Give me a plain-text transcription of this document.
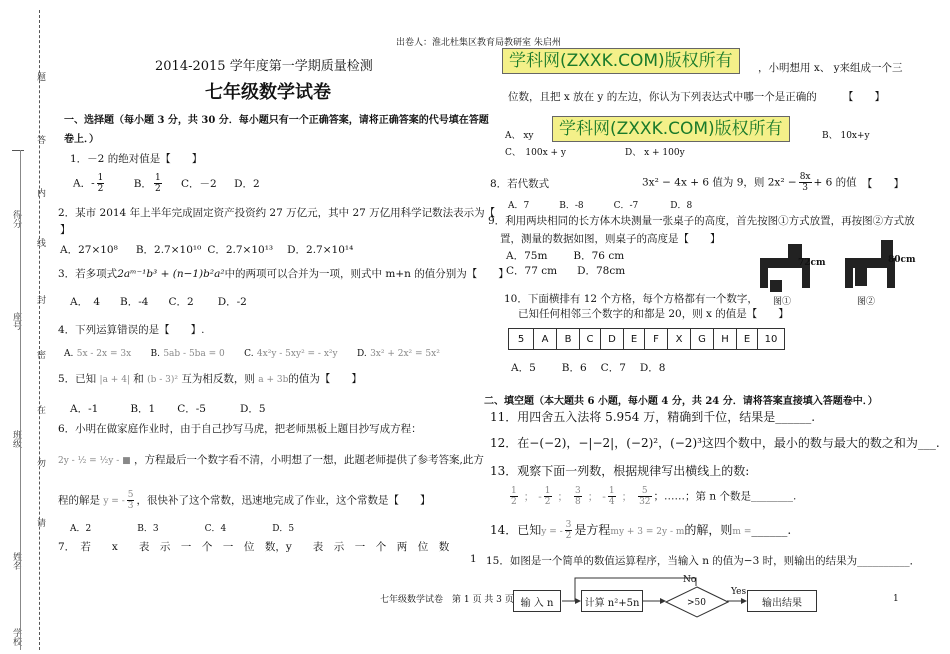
题
答
内
线
封
密
在
勿
请
得分
座号
班级
姓名
学校
出卷人：淮北杜集区教育局教研室 朱启州
2014-2015 学年度第一学期质量检测
七年级数学试卷
学科网(ZXXK.COM)版权所有
学科网(ZXXK.COM)版权所有
一、选择题（每小题 3 分，共 30 分．每小题只有一个正确答案，请将正确答案的代号填在答题
卷上．）
1．－2 的绝对值是【　　】
A．- $\frac{1}{2}$	B． $\frac{1}{2}$ C．－2 D．2
2．某市 2014 年上半年完成固定资产投资约 27 万亿元，其中 27 万亿用科学记数法表示为【
】
A．27×10⁸ B．2.7×10¹⁰ C．2.7×10¹³ D．2.7×10¹⁴
3．若多项式2aᵐ⁻¹b³ + (n−1)b²a²中的两项可以合并为一项，则式中 m+n 的值分别为【　　】
A．　4 B．-4 C．2 D．-2
4．下列运算错误的是【　　】.
A. 5x - 2x = 3x B. 5ab - 5ba = 0 C. 4x²y - 5xy² = - x²y D. 3x² + 2x² = 5x²
5．已知 |a + 4| 和 (b - 3)² 互为相反数，则 a + 3b的值为【　　】
A．-1	B．1 C．-5	D．5
6．小明在做家庭作业时，由于自己抄写马虎，把老师黑板上题目抄写成方程：
2y - ½ = ½y - ■ ，方程最后一个数字看不清，小明想了一想，此题老师提供了参考答案,此方
程的解是 y = - $\frac{5}{3}$ ，很快补了这个常数，迅速地完成了作业，这个常数是【　　】
A．2	B．3	C．4	D．5
7．　若　　x　　表　示　一　个　一　位　数，y　　表　示　一　个　两　位　数
，小明想用 x、 y来组成一个三
位数，且把 x 放在 y 的左边，你认为下列表达式中哪一个是正确的　　　【　　】
A、 xy	B、 10x+y
C、　100x + y	D、 x + 100y
8．若代数式	3x² − 4x + 6 值为 9，则 $2x^2 - \frac{8x}{3} + 6$ 的值 【　　】
A．7	B．-8	C．-7	D．8
9．利用两块相同的长方体木块测量一张桌子的高度，首先按图①方式放置，再按图②方式放
置，测量的数据如图，则桌子的高度是【　　】
A．75m B．76 cm
C．77 cm D．78cm
72cm
图①
80cm
图②
10．下面横排有 12 个方格，每个方格都有一个数字，
已知任何相邻三个数字的和都是 20，则 x 的值是【　　】
5	A	B	C	D	E	F	X	G	H	E	10
A．5 B．6 C．7 D．8
二、填空题（本大题共 6 小题，每小题 4 分，共 24 分．请将答案直接填入答题卷中．）
11．用四舍五入法将 5.954 万，精确到千位，结果是______.
12．在−(−2)，−|−2|，(−2)²，(−2)³这四个数中，最小的数与最大的数之和为___.
13．观察下面一列数，根据规律写出横线上的数:
$\frac{1}{2}$ ； - $\frac{1}{2}$ ； $\frac{3}{8}$ ； - $\frac{1}{4}$ ； $\frac{5}{32}$ ；……；第 n 个数是________.
14．已知y = - $\frac{3}{2}$ 是方程my + 3 = 2y - m的解，则m =______.
1 15．如图是一个简单的数值运算程序，当输入 n 的值为−3 时，则输出的结果为__________．
输 入 n	计算 n²+5n	>50
No
Yes
输出结果
七年级数学试卷　第 1 页 共 3 页	1
